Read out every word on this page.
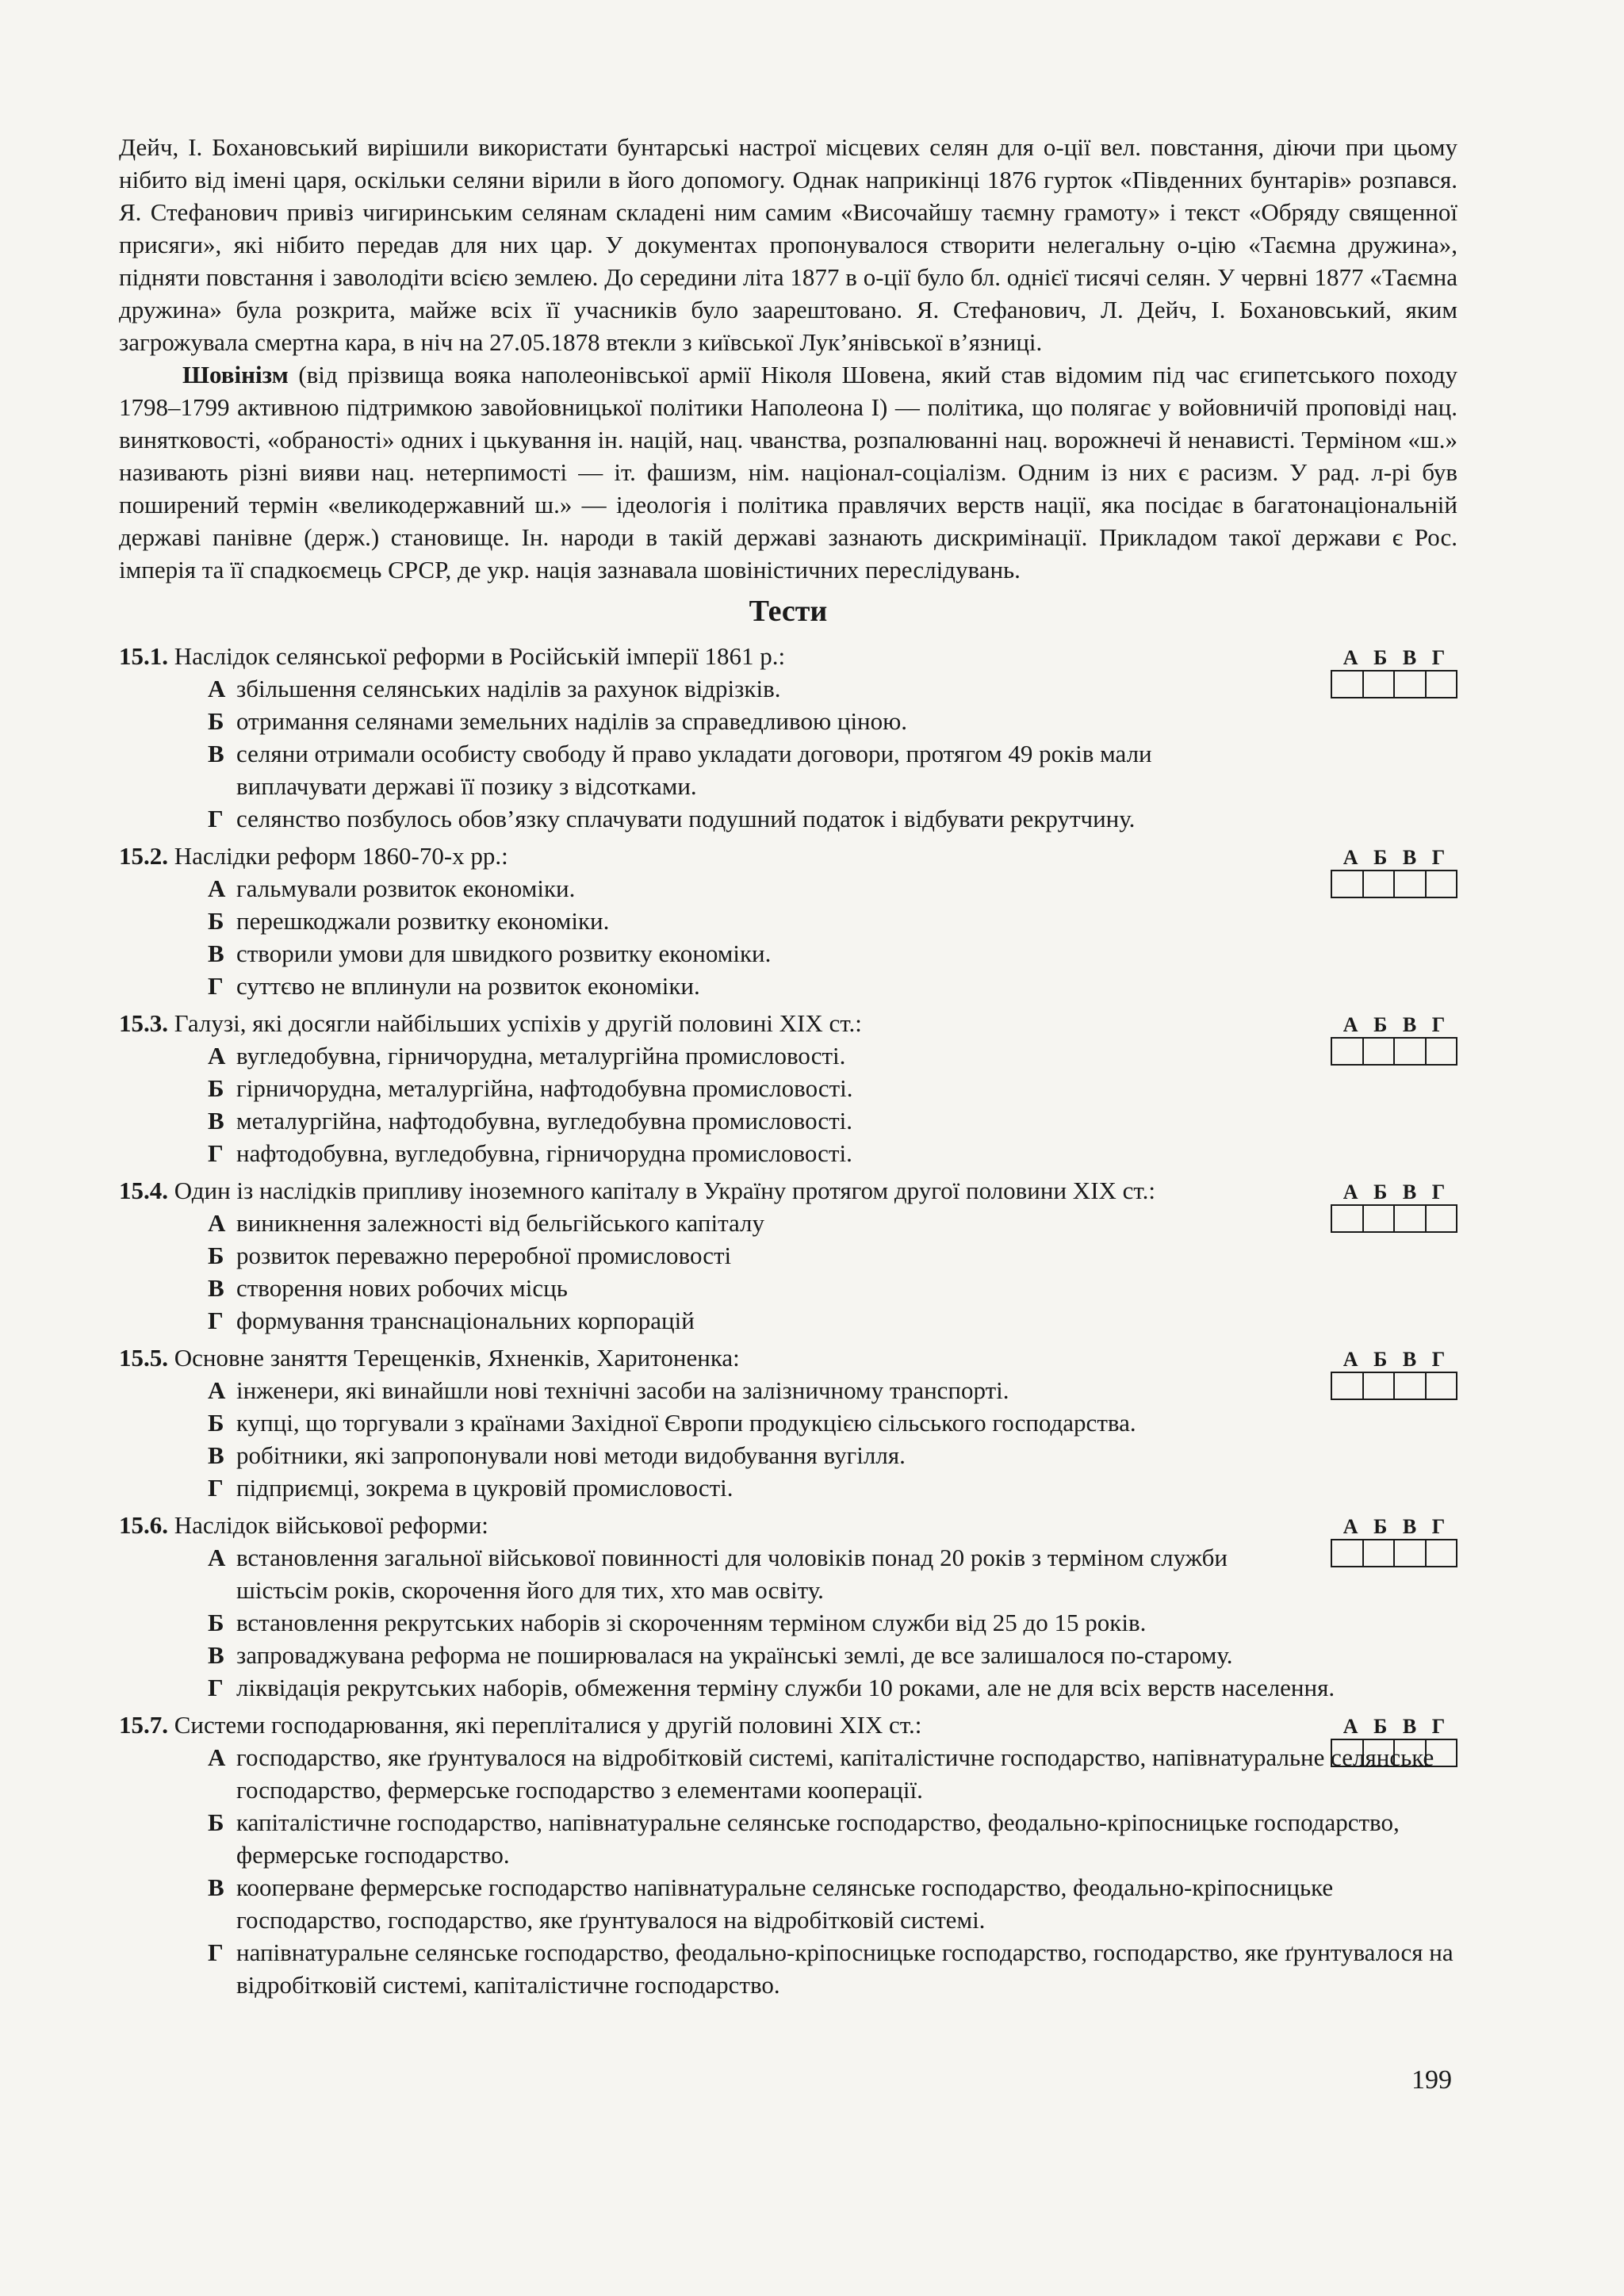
Дейч, І. Бохановський вирішили використати бунтарські настрої місцевих селян для о-ції вел. повстання, діючи при цьому нібито від імені царя, оскільки селяни вірили в його допомогу. Однак наприкінці 1876 гурток «Південних бунтарів» розпався. Я. Стефанович привіз чигиринським селянам складені ним самим «Височайшу таємну грамоту» і текст «Обряду священної присяги», які нібито передав для них цар. У документах пропонувалося створити нелегальну о-цію «Таємна дружина», підняти повстання і заволодіти всією землею. До середини літа 1877 в о-ції було бл. однієї тисячі селян. У червні 1877 «Таємна дружина» була розкрита, майже всіх її учасників було заарештовано. Я. Стефанович, Л. Дейч, І. Бохановський, яким загрожувала смертна кара, в ніч на 27.05.1878 втекли з київської Лук’янівської в’язниці.

Шовінізм (від прізвища вояка наполеонівської армії Ніколя Шовена, який став відомим під час єгипетського походу 1798–1799 активною підтримкою завойовницької політики Наполеона І) — політика, що полягає у войовничій проповіді нац. винятковості, «обраності» одних і цькування ін. націй, нац. чванства, розпалюванні нац. ворожнечі й ненависті. Терміном «ш.» називають різні вияви нац. нетерпимості — іт. фашизм, нім. націонал-соціалізм. Одним із них є расизм. У рад. л-рі був поширений термін «великодержавний ш.» — ідеологія і політика правлячих верств нації, яка посідає в багатонаціональній державі панівне (держ.) становище. Ін. народи в такій державі зазнають дискримінації. Прикладом такої держави є Рос. імперія та її спадкоємець СРСР, де укр. нація зазнавала шовіністичних переслідувань.

Тести

15.1. Наслідок селянської реформи в Російській імперії 1861 р.:	А Б В Г
А збільшення селянських наділів за рахунок відрізків.
Б отримання селянами земельних наділів за справедливою ціною.
В селяни отримали особисту свободу й право укладати договори, протягом 49 років мали виплачувати державі її позику з відсотками.
Г селянство позбулось обов’язку сплачувати подушний податок і відбувати рекрутчину.

15.2. Наслідки реформ 1860-70-х рр.:	А Б В Г
А гальмували розвиток економіки.
Б перешкоджали розвитку економіки.
В створили умови для швидкого розвитку економіки.
Г суттєво не вплинули на розвиток економіки.

15.3. Галузі, які досягли найбільших успіхів у другій половині XIX ст.:	А Б В Г
А вугледобувна, гірничорудна, металургійна промисловості.
Б гірничорудна, металургійна, нафтодобувна промисловості.
В металургійна, нафтодобувна, вугледобувна промисловості.
Г нафтодобувна, вугледобувна, гірничорудна промисловості.

15.4. Один із наслідків припливу іноземного капіталу в Україну протягом другої половини XIX ст.:	А Б В Г
А виникнення залежності від бельгійського капіталу
Б розвиток переважно переробної промисловості
В створення нових робочих місць
Г формування транснаціональних корпорацій

15.5. Основне заняття Терещенків, Яхненків, Харитоненка:	А Б В Г
А інженери, які винайшли нові технічні засоби на залізничному транспорті.
Б купці, що торгували з країнами Західної Європи продукцією сільського господарства.
В робітники, які запропонували нові методи видобування вугілля.
Г підприємці, зокрема в цукровій промисловості.

15.6. Наслідок військової реформи:	А Б В Г
А встановлення загальної військової повинності для чоловіків понад 20 років з терміном служби шістьсім років, скорочення його для тих, хто мав освіту.
Б встановлення рекрутських наборів зі скороченням терміном служби від 25 до 15 років.
В запроваджувана реформа не поширювалася на українські землі, де все залишалося по-старому.
Г ліквідація рекрутських наборів, обмеження терміну служби 10 роками, але не для всіх верств населення.

15.7. Системи господарювання, які перепліталися у другій половині XIX ст.:	А Б В Г
А господарство, яке ґрунтувалося на відробітковій системі, капіталістичне господарство, напівнатуральне селянське господарство, фермерське господарство з елементами кооперації.
Б капіталістичне господарство, напівнатуральне селянське господарство, феодально-кріпосницьке господарство, фермерське господарство.
В кооперване фермерське господарство напівнатуральне селянське господарство, феодально-кріпосницьке господарство, господарство, яке ґрунтувалося на відробітковій системі.
Г напівнатуральне селянське господарство, феодально-кріпосницьке господарство, господарство, яке ґрунтувалося на відробітковій системі, капіталістичне господарство.
199
